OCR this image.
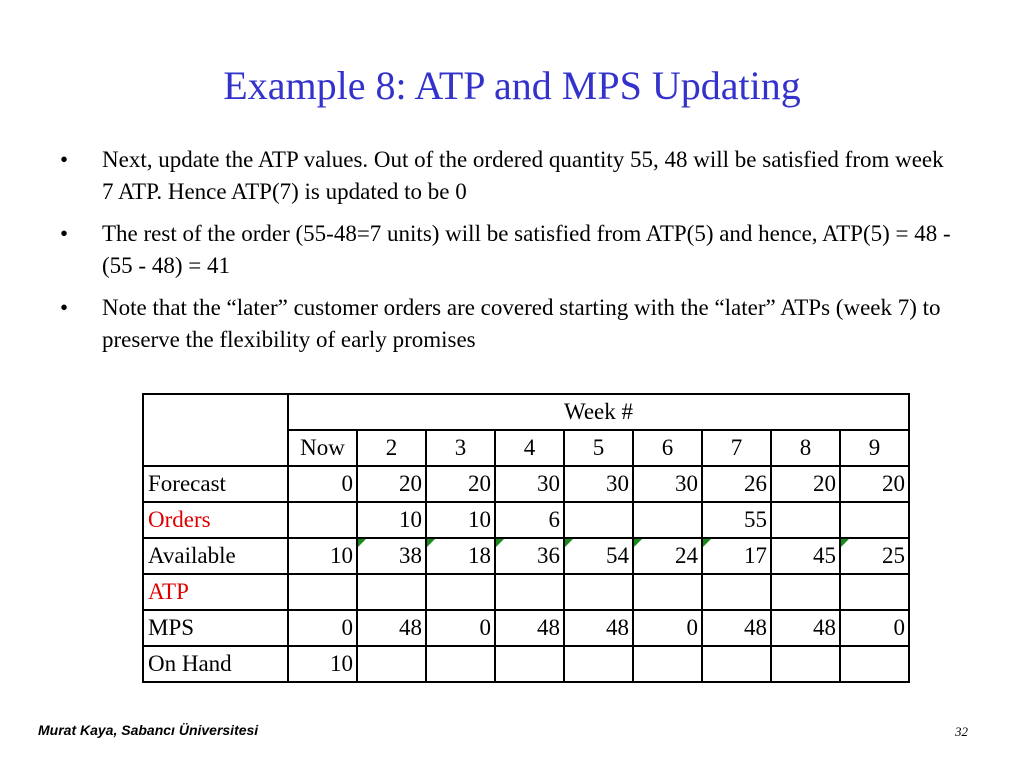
Example 8: ATP and MPS Updating
• Next, update the ATP values. Out of the ordered quantity 55, 48 will be satisfied from week 7 ATP. Hence ATP(7) is updated to be 0
• The rest of the order (55-48=7 units) will be satisfied from ATP(5) and hence, ATP(5) = 48 - (55 - 48) = 41
• Note that the “later” customer orders are covered starting with the “later” ATPs (week 7) to preserve the flexibility of early promises
	Week #								
	Now	2	3	4	5	6	7	8	9
Forecast	0	20	20	30	30	30	26	20	20
Orders		10	10	6			55		
Available	10	38	18	36	54	24	17	45	25
ATP									
MPS	0	48	0	48	48	0	48	48	0
On Hand	10								
Murat Kaya, Sabancı Üniversitesi	32
